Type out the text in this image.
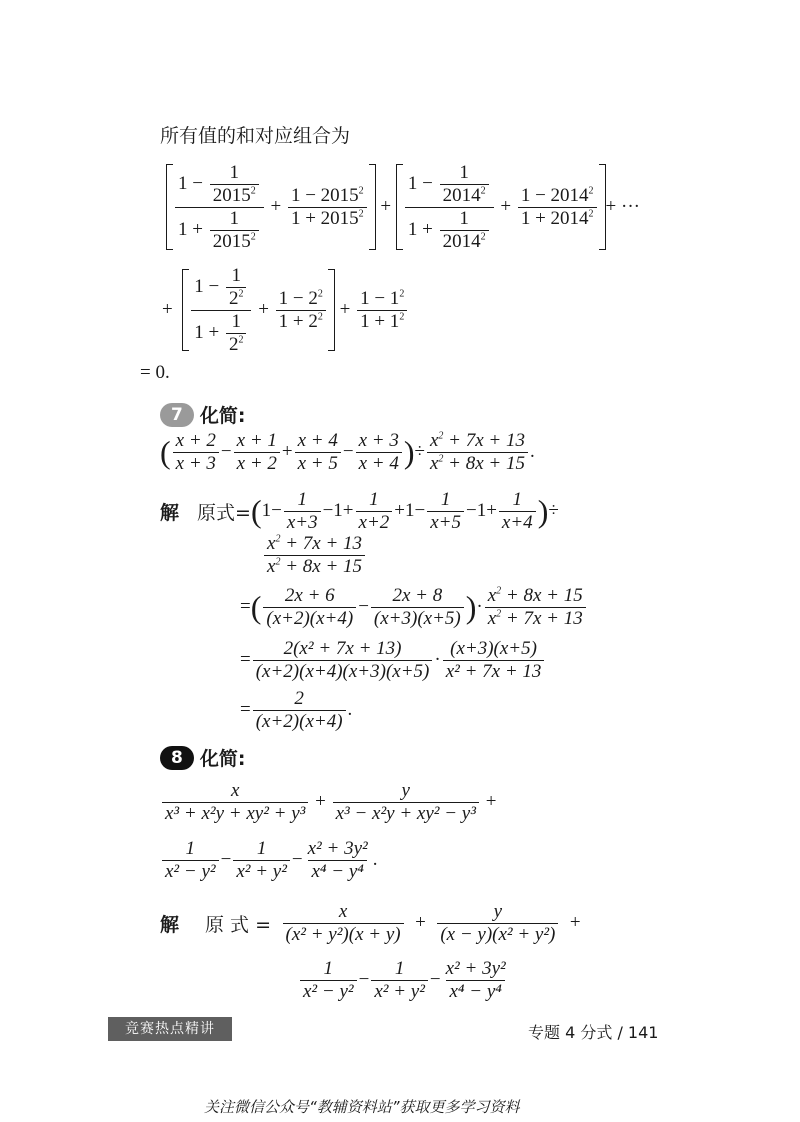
所有值的和对应组合为
1
−
$\frac{1}{2015^2}$
1 +
$\frac{1}{2015^2}$
+ $\frac{1 - 2015^2}{1 + 2015^2}$ +
1
−
$\frac{1}{2014^2}$
1 +
$\frac{1}{2014^2}$
+ $\frac{1 - 2014^2}{1 + 2014^2}$ + ···
+
1
−
$\frac{1}{2^2}$
1 +
$\frac{1}{2^2}$
+ $\frac{1 - 2^2}{1 + 2^2} + \frac{1 - 1^2}{1 + 1^2}$
= 0.
7 化简:
( x + 2
x + 3
− $\frac{x + 1}{x + 2} + \frac{x + 4}{x + 5} - \frac{x + 3}{x + 4}$ ) ÷ $\frac{x^2 + 7x + 13}{x^2 + 8x + 15}$ .
解 原式= ( $1- \frac{1}{x+3} -1+ \frac{1}{x+2} +1- \frac{1}{x+5} -1+ \frac{1}{x+4}$ ) ÷
$x^2 + 7x + 13$
$x^2 + 8x + 15$
= ( 2x + 6
(x+2)(x+4)
− $\frac{2x + 8}{(x+3)(x+5)}$ ) ·
$x^2 + 8x + 15$
$x^2 + 7x + 13$
= $\frac{\text{2(x² + 7x + 13)}}{(x+2)(x+4)(x+3)(x+5)}$ ·
(x+3)(x+5)
x² + 7x + 13
= $\frac{2}{(x+2)(x+4)}$ .
8 化简:
x
x³ + x²y + xy² + y³
+ $\frac{y}{\text{x³ − x²y + xy² − y³}}$ +
1
x² − y²
− $\frac{1}{\text{x² + y²}} - \frac{\text{x² + 3y²}}{\text{x⁴ − y⁴}}$ .
解 原 式 =

x
(x² + y²)(x + y)
+ $\frac{y}{\text{(x − y)(x² + y²)}}$ +
1
x² − y²
− $\frac{1}{\text{x² + y²}} - \frac{\text{x² + 3y²}}{\text{x⁴ − y⁴}}$
竞赛热点精讲	专题 4 分式 / 141
关注微信公众号“教辅资料站”获取更多学习资料
